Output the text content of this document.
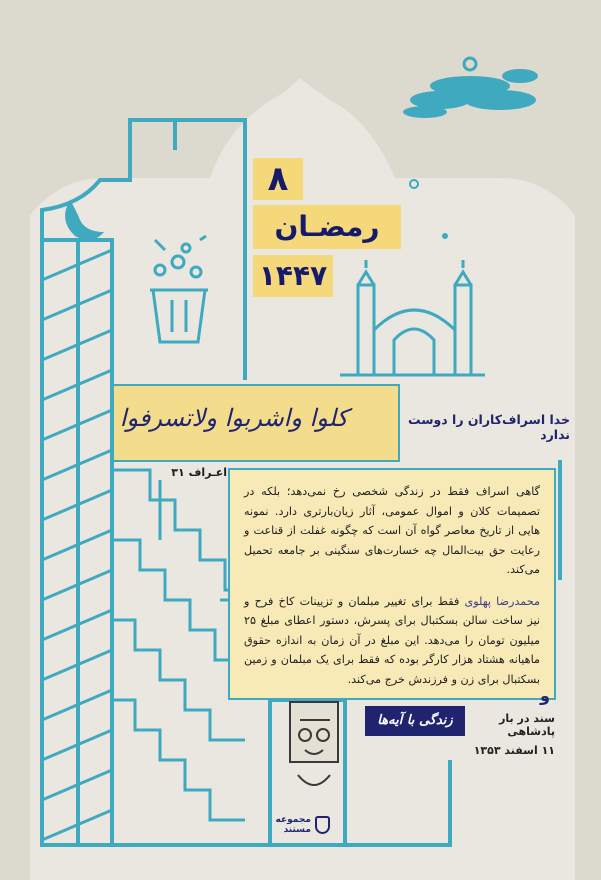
۸
رمضـان
۱۴۴۷
کلوا واشربوا ولاتسرفوا	خدا اسراف‌کاران را دوست ندارد
اعـراف ۳۱
گاهی اسراف فقط در زندگی شخصی رخ نمی‌دهد؛ بلکه در تصمیمات کلان و اموال عمومی، آثار زیان‌بارتری دارد. نمونه هایی از تاریخ معاصر گواه آن است که چگونه غفلت از قناعت و رعایت حق بیت‌المال چه خسارت‌های سنگینی بر جامعه تحمیل می‌کند.
محمدرضا پهلوی فقط برای تغییر مبلمان و تزیینات کاخ فرح و نیز ساخت سالن بسکتبال برای پسرش، دستور اعطای مبلغ ۲۵ میلیون تومان را می‌دهد. این مبلغ در آن زمان به اندازه حقوق ماهیانه هشتاد هزار کارگر بوده که فقط برای یک مبلمان و زمین بسکتبال برای زن و فرزندش خرج می‌کند.
و
زندگی با آیه‌ها	سند در بار پادشاهی
۱۱ اسفند ۱۳۵۳
مجموعه مستند
